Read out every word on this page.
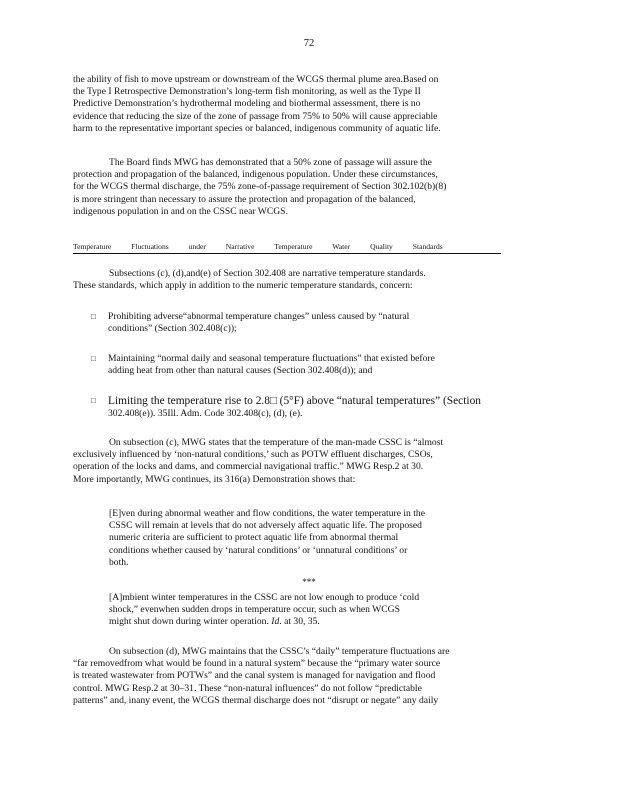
72

the ability of fish to move upstream or downstream of the WCGS thermal plume area.Based on
the Type I Retrospective Demonstration’s long-term fish monitoring, as well as the Type II
Predictive Demonstration’s hydrothermal modeling and biothermal assessment, there is no
evidence that reducing the size of the zone of passage from 75% to 50% will cause appreciable
harm to the representative important species or balanced, indigenous community of aquatic life.

The Board finds MWG has demonstrated that a 50% zone of passage will assure the
protection and propagation of the balanced, indigenous population. Under these circumstances,
for the WCGS thermal discharge, the 75% zone-of-passage requirement of Section 302.102(b)(8)
is more stringent than necessary to assure the protection and propagation of the balanced,
indigenous population in and on the CSSC near WCGS.

Temperature Fluctuations under Narrative Temperature Water Quality Standards

Subsections (c), (d),and(e) of Section 302.408 are narrative temperature standards.
These standards, which apply in addition to the numeric temperature standards, concern:

□	Prohibiting adverse“abnormal temperature changes” unless caused by “natural
conditions” (Section 302.408(c));
□	Maintaining “normal daily and seasonal temperature fluctuations” that existed before
adding heat from other than natural causes (Section 302.408(d)); and
□	Limiting the temperature rise to 2.8□ (5°F) above “natural temperatures” (Section
302.408(e)). 35Ill. Adm. Code 302.408(c), (d), (e).

On subsection (c), MWG states that the temperature of the man-made CSSC is “almost
exclusively influenced by ‘non-natural conditions,’ such as POTW effluent discharges, CSOs,
operation of the locks and dams, and commercial navigational traffic.” MWG Resp.2 at 30.
More importantly, MWG continues, its 316(a) Demonstration shows that:

[E]ven during abnormal weather and flow conditions, the water temperature in the
CSSC will remain at levels that do not adversely affect aquatic life. The proposed
numeric criteria are sufficient to protect aquatic life from abnormal thermal
conditions whether caused by ‘natural conditions’ or ‘unnatural conditions’ or
both.

***

[A]mbient winter temperatures in the CSSC are not low enough to produce ‘cold
shock,” evenwhen sudden drops in temperature occur, such as when WCGS
might shut down during winter operation. Id. at 30, 35.

On subsection (d), MWG maintains that the CSSC’s “daily” temperature fluctuations are
“far removedfrom what would be found in a natural system” because the “primary water source
is treated wastewater from POTWs” and the canal system is managed for navigation and flood
control. MWG Resp.2 at 30–31. These “non-natural influences” do not follow “predictable
patterns” and, inany event, the WCGS thermal discharge does not “disrupt or negate” any daily
